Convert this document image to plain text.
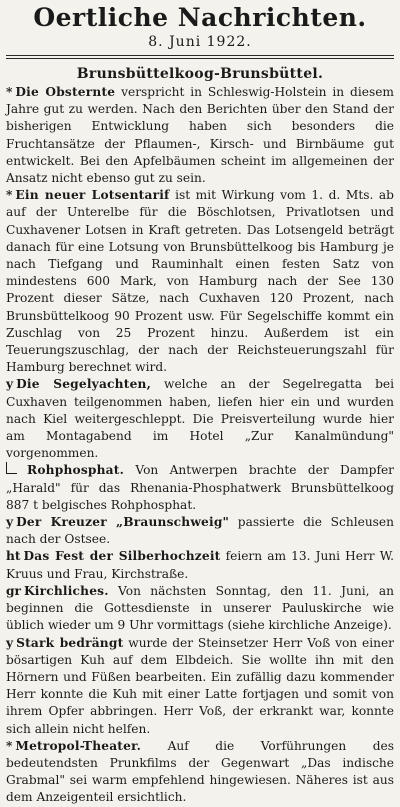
Oertliche Nachrichten.
8. Juni 1922.
Brunsbüttelkoog-Brunsbüttel.

* Die Obsternte verspricht in Schleswig-Holstein in diesem Jahre gut zu werden. Nach den Berichten über den Stand der bisherigen Entwicklung haben sich besonders die Fruchtansätze der Pflaumen-, Kirsch- und Birnbäume gut entwickelt. Bei den Apfelbäumen scheint im allgemeinen der Ansatz nicht ebenso gut zu sein.

* Ein neuer Lotsentarif ist mit Wirkung vom 1. d. Mts. ab auf der Unterelbe für die Böschlotsen, Privatlotsen und Cuxhavener Lotsen in Kraft getreten. Das Lotsengeld beträgt danach für eine Lotsung von Brunsbüttelkoog bis Hamburg je nach Tiefgang und Rauminhalt einen festen Satz von mindestens 600 Mark, von Hamburg nach der See 130 Prozent dieser Sätze, nach Cuxhaven 120 Prozent, nach Brunsbüttelkoog 90 Prozent usw. Für Segelschiffe kommt ein Zuschlag von 25 Prozent hinzu. Außerdem ist ein Teuerungszuschlag, der nach der Reichsteuerungszahl für Hamburg berechnet wird.

y Die Segelyachten, welche an der Segelregatta bei Cuxhaven teilgenommen haben, liefen hier ein und wurden nach Kiel weitergeschleppt. Die Preisverteilung wurde hier am Montagabend im Hotel „Zur Kanalmündung" vorgenommen.

Rohphosphat. Von Antwerpen brachte der Dampfer „Harald" für das Rhenania-Phosphatwerk Brunsbüttelkoog 887 t belgisches Rohphosphat.

y Der Kreuzer „Braunschweig" passierte die Schleusen nach der Ostsee.

ht Das Fest der Silberhochzeit feiern am 13. Juni Herr W. Kruus und Frau, Kirchstraße.

gr Kirchliches. Von nächsten Sonntag, den 11. Juni, an beginnen die Gottesdienste in unserer Pauluskirche wie üblich wieder um 9 Uhr vormittags (siehe kirchliche Anzeige).

y Stark bedrängt wurde der Steinsetzer Herr Voß von einer bösartigen Kuh auf dem Elbdeich. Sie wollte ihn mit den Hörnern und Füßen bearbeiten. Ein zufällig dazu kommender Herr konnte die Kuh mit einer Latte fortjagen und somit von ihrem Opfer abbringen. Herr Voß, der erkrankt war, konnte sich allein nicht helfen.

* Metropol-Theater. Auf die Vorführungen des bedeutendsten Prunkfilms der Gegenwart „Das indische Grabmal" sei warm empfehlend hingewiesen. Näheres ist aus dem Anzeigenteil ersichtlich.
